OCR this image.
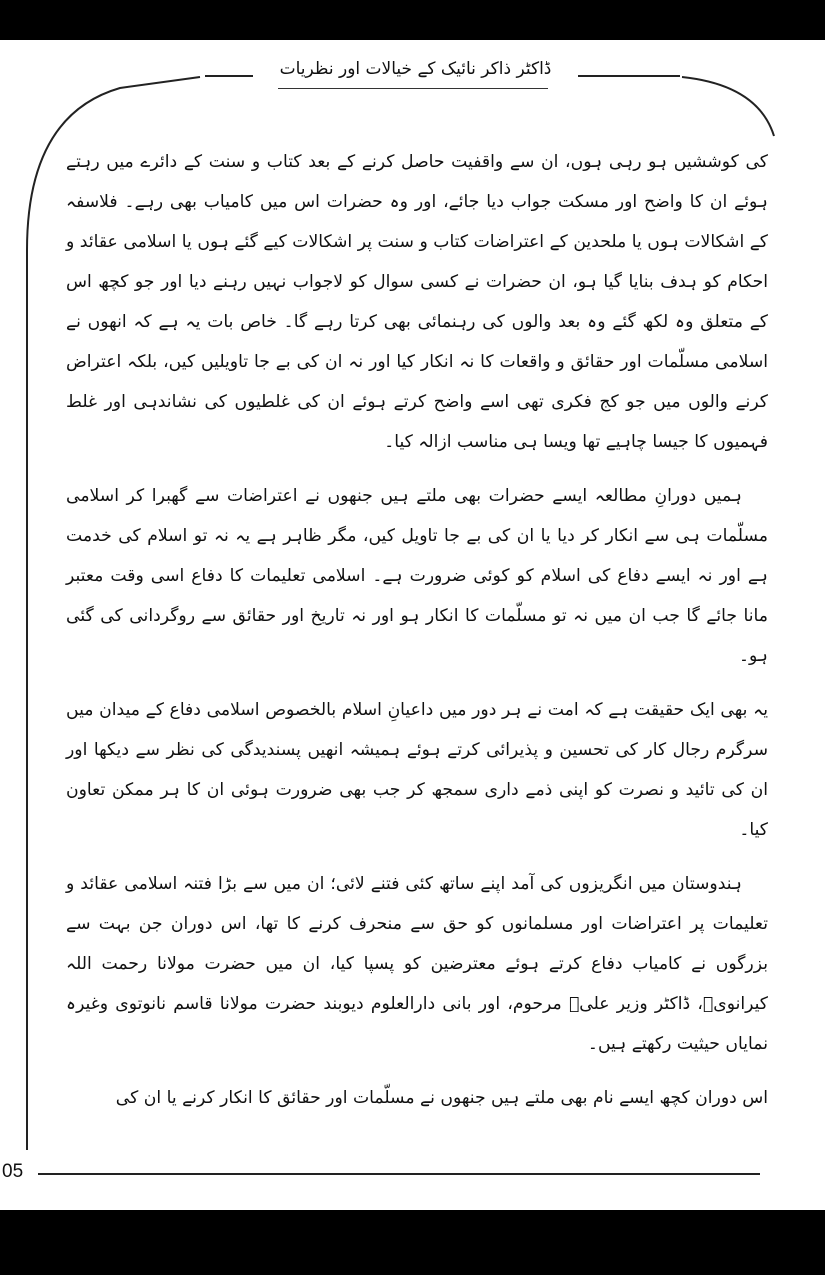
ڈاکٹر ذاکر نائیک کے خیالات اور نظریات

کی کوششیں ہو رہی ہوں، ان سے واقفیت حاصل کرنے کے بعد کتاب و سنت کے دائرے میں رہتے ہوئے ان کا واضح اور مسکت جواب دیا جائے، اور وہ حضرات اس میں کامیاب بھی رہے۔ فلاسفہ کے اشکالات ہوں یا ملحدین کے اعتراضات کتاب و سنت پر اشکالات کیے گئے ہوں یا اسلامی عقائد و احکام کو ہدف بنایا گیا ہو، ان حضرات نے کسی سوال کو لاجواب نہیں رہنے دیا اور جو کچھ اس کے متعلق وہ لکھ گئے وہ بعد والوں کی رہنمائی بھی کرتا رہے گا۔ خاص بات یہ ہے کہ انھوں نے اسلامی مسلّمات اور حقائق و واقعات کا نہ انکار کیا اور نہ ان کی بے جا تاویلیں کیں، بلکہ اعتراض کرنے والوں میں جو کج فکری تھی اسے واضح کرتے ہوئے ان کی غلطیوں کی نشاندہی اور غلط فہمیوں کا جیسا چاہیے تھا ویسا ہی مناسب ازالہ کیا۔

ہمیں دورانِ مطالعہ ایسے حضرات بھی ملتے ہیں جنھوں نے اعتراضات سے گھبرا کر اسلامی مسلّمات ہی سے انکار کر دیا یا ان کی بے جا تاویل کیں، مگر ظاہر ہے یہ نہ تو اسلام کی خدمت ہے اور نہ ایسے دفاع کی اسلام کو کوئی ضرورت ہے۔ اسلامی تعلیمات کا دفاع اسی وقت معتبر مانا جائے گا جب ان میں نہ تو مسلّمات کا انکار ہو اور نہ تاریخ اور حقائق سے روگردانی کی گئی ہو۔

یہ بھی ایک حقیقت ہے کہ امت نے ہر دور میں داعیانِ اسلام بالخصوص اسلامی دفاع کے میدان میں سرگرم رجال کار کی تحسین و پذیرائی کرتے ہوئے ہمیشہ انھیں پسندیدگی کی نظر سے دیکھا اور ان کی تائید و نصرت کو اپنی ذمے داری سمجھ کر جب بھی ضرورت ہوئی ان کا ہر ممکن تعاون کیا۔

ہندوستان میں انگریزوں کی آمد اپنے ساتھ کئی فتنے لائی؛ ان میں سے بڑا فتنہ اسلامی عقائد و تعلیمات پر اعتراضات اور مسلمانوں کو حق سے منحرف کرنے کا تھا، اس دوران جن بہت سے بزرگوں نے کامیاب دفاع کرتے ہوئے معترضین کو پسپا کیا، ان میں حضرت مولانا رحمت اللہ کیرانویؒ، ڈاکٹر وزیر علیؒ مرحوم، اور بانی دارالعلوم دیوبند حضرت مولانا قاسم نانوتوی وغیرہ نمایاں حیثیت رکھتے ہیں۔

اس دوران کچھ ایسے نام بھی ملتے ہیں جنھوں نے مسلّمات اور حقائق کا انکار کرنے یا ان کی

05
